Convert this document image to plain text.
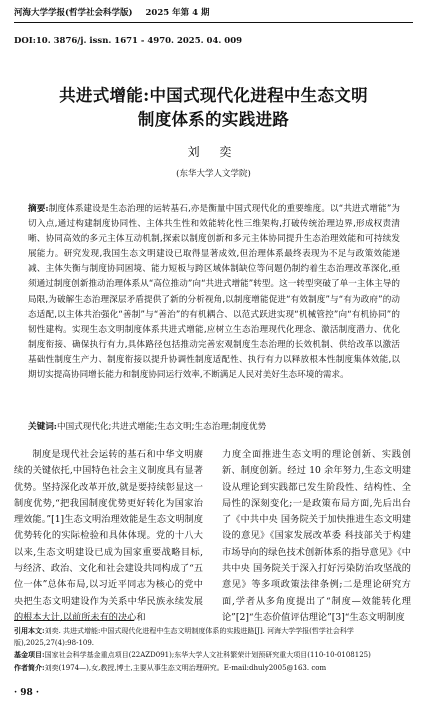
河海大学学报(哲学社会科学版) 2025 年第 4 期
DOI:10. 3876/j. issn. 1671 - 4970. 2025. 04. 009
共进式增能:中国式现代化进程中生态文明
制度体系的实践进路
刘 奕
(东华大学人文学院)
摘要:制度体系建设是生态治理的运转基石,亦是衡量中国式现代化的重要维度。以“共进式增能”为切入点,通过构建制度协同性、主体共生性和效能转化性三维架构,打破传统治理边界,形成权责清晰、协同高效的多元主体互动机制,探索以制度创新和多元主体协同提升生态治理效能和可持续发展能力。研究发现,我国生态文明建设已取得显著成效,但治理体系最终表现为不足与政策效能递减、主体失衡与制度协同困境、能力短板与跨区域体制缺位等问题仍制约着生态治理改革深化,亟须通过制度创新推动治理体系从“高位推动”向“共进式增能”转型。这一转型突破了单一主体主导的局限,为破解生态治理深层矛盾提供了新的分析视角,以制度增能促进“有效制度”与“有为政府”的动态适配,以主体共治强化“善制”与“善治”的有机耦合、以范式跃进实现“机械管控”向“有机协同”的韧性建构。实现生态文明制度体系共进式增能,应树立生态治理现代化理念、激活制度潜力、优化制度衔接、确保执行有力,具体路径包括推动完善宏观制度生态治理的长效机制、供给改革以激活基础性制度生产力、制度衔接以提升协调性制度适配性、执行有力以释放根本性制度集体效能,以期切实提高协同增长能力和制度协同运行效率,不断满足人民对美好生态环境的需求。
关键词:中国式现代化;共进式增能;生态文明;生态治理;制度优势

制度是现代社会运转的基石和中华文明赓续的关键依托,中国特色社会主义制度具有显著优势。坚持深化改革开放,就是要持续彰显这一制度优势,“把我国制度优势更好转化为国家治理效能。”[1]生态文明治理效能是生态文明制度优势转化的实际检验和具体体现。党的十八大以来,生态文明建设已成为国家重要战略目标,与经济、政治、文化和社会建设共同构成了“五位一体”总体布局,以习近平同志为核心的党中央把生态文明建设作为关系中华民族永续发展的根本大计,以前所未有的决心和

力度全面推进生态文明的理论创新、实践创新、制度创新。经过 10 余年努力,生态文明建设从理论到实践都已发生阶段性、结构性、全局性的深刻变化;一是政策布局方面,先后出台了《中共中央 国务院关于加快推进生态文明建设的意见》《国家发展改革委 科技部关于构建市场导向的绿色技术创新体系的指导意见》《中共中央 国务院关于深入打好污染防治攻坚战的意见》等多项政策法律条例;二是理论研究方面,学者从多角度提出了“制度—效能转化理论”[2]“生态价值评估理论”[3]“生态文明制度

引用本文:刘奕. 共进式增能:中国式现代化进程中生态文明制度体系的实践进路[J]. 河海大学学报(哲学社会科学版),2025,27(4):98-109.
基金项目:国家社会科学基金重点项目(22AZD091);东华大学人文社科繁荣计划预研究重大项目(110-10-0108125)
作者简介:刘奕(1974—),女,教授,博士,主要从事生态文明治理研究。E-mail:dhuly2005@163. com
· 98 ·
